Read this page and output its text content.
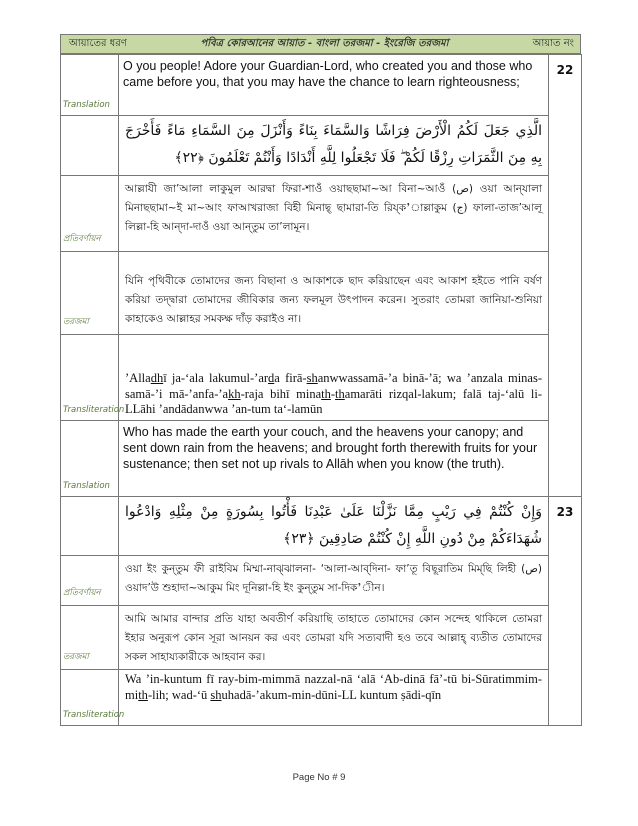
আয়াতের ধরণ	পবিত্র কোরআনের আয়াত - বাংলা তরজমা - ইংরেজি তরজমা	আয়াত নং
Translation	O you people! Adore your Guardian-Lord, who created you and those who came before you, that you may have the chance to learn righteousness;	22
	الَّذِي جَعَلَ لَكُمُ الْأَرْضَ فِرَاشًا وَالسَّمَاءَ بِنَاءً وَأَنْزَلَ مِنَ السَّمَاءِ مَاءً فَأَخْرَجَ بِهِ مِنَ الثَّمَرَاتِ رِزْقًا لَكُمْ ۖ فَلَا تَجْعَلُوا لِلَّهِ أَنْدَادًا وَأَنْتُمْ تَعْلَمُونَ ﴿٢٢﴾	
প্রতিবর্ণায়ন	আল্লাযী জা’আলা লাকুমুল আরদ্বা ফিরা-শাওঁ ওয়াছছামা~আ বিনা~আওঁ (ص) ওয়া আন্‌যালা মিনাছছামা~ই মা~আং ফাআখরাজা বিহী মিনাছ্‌ ছামারা-তি রিয্‌ক’াল্লাকুম (ج) ফালা-তাজ’আলূ লিল্লা-হি আন্‌দা-দাওঁ ওয়া আন্‌তুম তা’লামূন।	
তরজমা	যিনি পৃথিবীকে তোমাদের জন্য বিছানা ও আকাশকে ছাদ করিয়াছেন এবং আকাশ হইতে পানি বর্ষণ করিয়া তদ্দ্বারা তোমাদের জীবিকার জন্য ফলমূল উৎপাদন করেন। সুতরাং তোমরা জানিয়া-শুনিয়া কাহাকেও আল্লাহর সমকক্ষ দাঁড় করাইও না।	
Transliteration	’Alladhī ja-‘ala lakumul-’arda firā-shanwwassamā-’a binā-’ā; wa ’anzala minas-samā-’i mā-’anfa-’akh-raja bihī minath-thamarāti rizqal-lakum; falā taj-‘alū li-LLāhi ’andādanwwa ’an-tum ta‘-lamūn	
Translation	Who has made the earth your couch, and the heavens your canopy; and sent down rain from the heavens; and brought forth therewith fruits for your sustenance; then set not up rivals to Allāh when you know (the truth).	

	وَإِنْ كُنْتُمْ فِي رَيْبٍ مِمَّا نَزَّلْنَا عَلَىٰ عَبْدِنَا فَأْتُوا بِسُورَةٍ مِنْ مِثْلِهِ وَادْعُوا شُهَدَاءَكُمْ مِنْ دُونِ اللَّهِ إِنْ كُنْتُمْ صَادِقِينَ ﴿٢٣﴾	23
প্রতিবর্ণায়ন	ওয়া ইং কুন্‌তুম ফী রাইবিম মিম্মা-নাঝ্‌ঝালনা- ‘আলা-আব্‌দিনা- ফা’তূ বিছূরাতিম মিম্‌ছি লিহী (ص) ওয়াদ’উ শুহাদা~আকুম মিং দূনিল্লা-হি ইং কুন্‌তুম সা-দিক’ীন।	
তরজমা	আমি আমার বান্দার প্রতি যাহা অবতীর্ণ করিয়াছি তাহাতে তোমাদের কোন সন্দেহ থাকিলে তোমরা ইহার অনুরূপ কোন সূরা আনয়ন কর এবং তোমরা যদি সত্যবাদী হও তবে আল্লাহ্‌ ব্যতীত তোমাদের সকল সাহায্যকারীকে আহবান কর।	
Transliteration	Wa ’in-kuntum fī ray-bim-mimmā nazzal-nā ‘alā ‘Ab-dinā fā’-tū bi-Sūratimmim-mith-lih; wad-‘ū shuhadā-’akum-min-dūni-LL kuntum ṣādi-qīn	
Page No # 9
